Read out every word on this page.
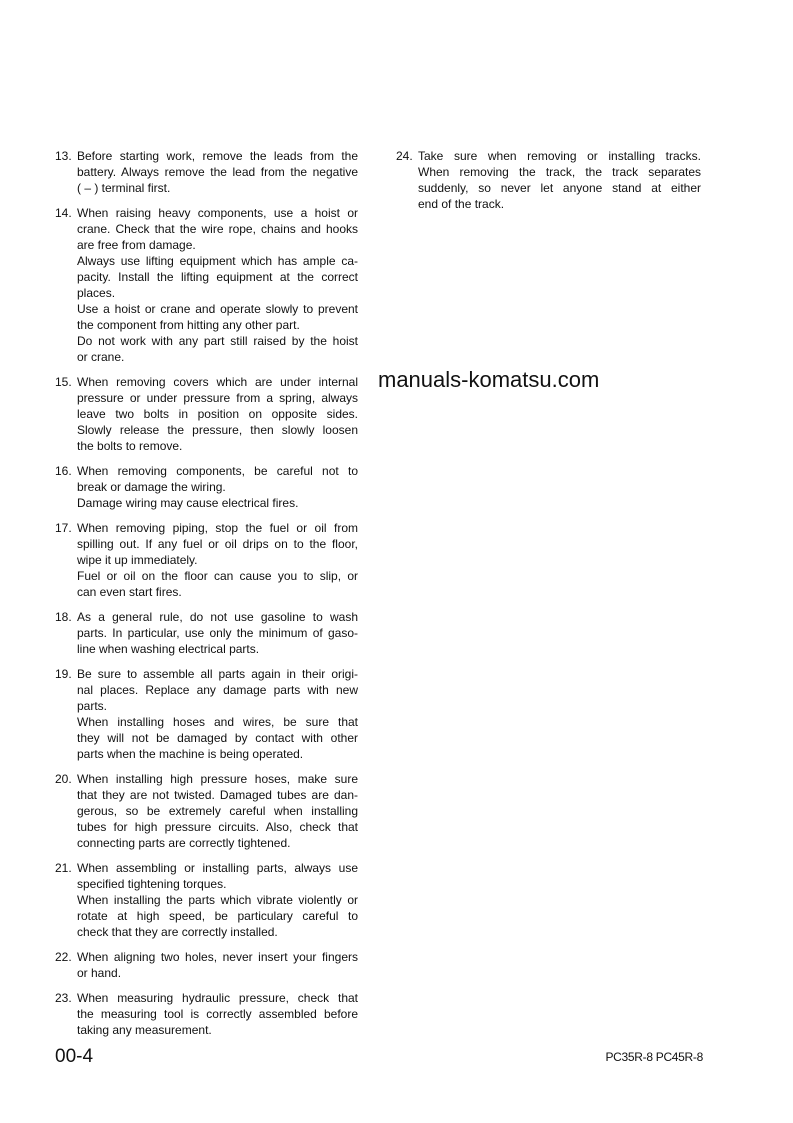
13. Before starting work, remove the leads from the
battery. Always remove the lead from the negative
( – ) terminal first.
14. When raising heavy components, use a hoist or
crane. Check that the wire rope, chains and hooks
are free from damage.
Always use lifting equipment which has ample ca-
pacity. Install the lifting equipment at the correct
places.
Use a hoist or crane and operate slowly to prevent
the component from hitting any other part.
Do not work with any part still raised by the hoist
or crane.
15. When removing covers which are under internal
pressure or under pressure from a spring, always
leave two bolts in position on opposite sides.
Slowly release the pressure, then slowly loosen
the bolts to remove.
16. When removing components, be careful not to
break or damage the wiring.
Damage wiring may cause electrical fires.
17. When removing piping, stop the fuel or oil from
spilling out. If any fuel or oil drips on to the floor,
wipe it up immediately.
Fuel or oil on the floor can cause you to slip, or
can even start fires.
18. As a general rule, do not use gasoline to wash
parts. In particular, use only the minimum of gaso-
line when washing electrical parts.
19. Be sure to assemble all parts again in their origi-
nal places. Replace any damage parts with new
parts.
When installing hoses and wires, be sure that
they will not be damaged by contact with other
parts when the machine is being operated.
20. When installing high pressure hoses, make sure
that they are not twisted. Damaged tubes are dan-
gerous, so be extremely careful when installing
tubes for high pressure circuits. Also, check that
connecting parts are correctly tightened.
21. When assembling or installing parts, always use
specified tightening torques.
When installing the parts which vibrate violently or
rotate at high speed, be particulary careful to
check that they are correctly installed.
22. When aligning two holes, never insert your fingers
or hand.
23. When measuring hydraulic pressure, check that
the measuring tool is correctly assembled before
taking any measurement.
24. Take sure when removing or installing tracks.
When removing the track, the track separates
suddenly, so never let anyone stand at either
end of the track.
manuals-komatsu.com
00-4	PC35R-8 PC45R-8
